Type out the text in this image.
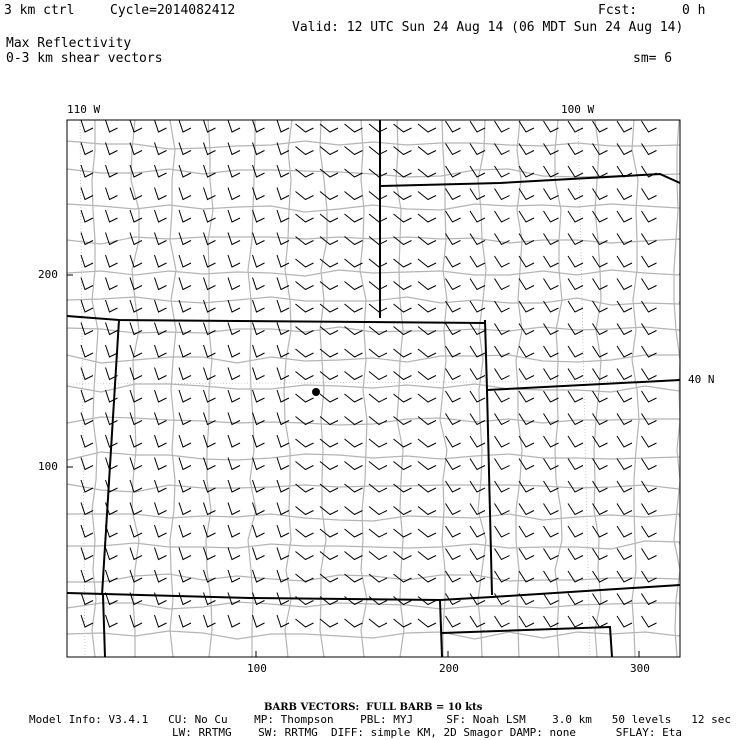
3 km ctrl	Cycle=2014082412	Fcst:	0 h
Valid: 12 UTC Sun 24 Aug 14 (06 MDT Sun 24 Aug 14)
Max Reflectivity
0-3 km shear vectors	sm= 6
110 W	100 W
40 N
200
100
100	200	300
BARB VECTORS:  FULL BARB = 10 kts
Model Info: V3.4.1   CU: No Cu    MP: Thompson    PBL: MYJ     SF: Noah LSM    3.0 km   50 levels   12 sec
LW: RRTMG    SW: RRTMG  DIFF: simple KM, 2D Smagor DAMP: none      SFLAY: Eta
